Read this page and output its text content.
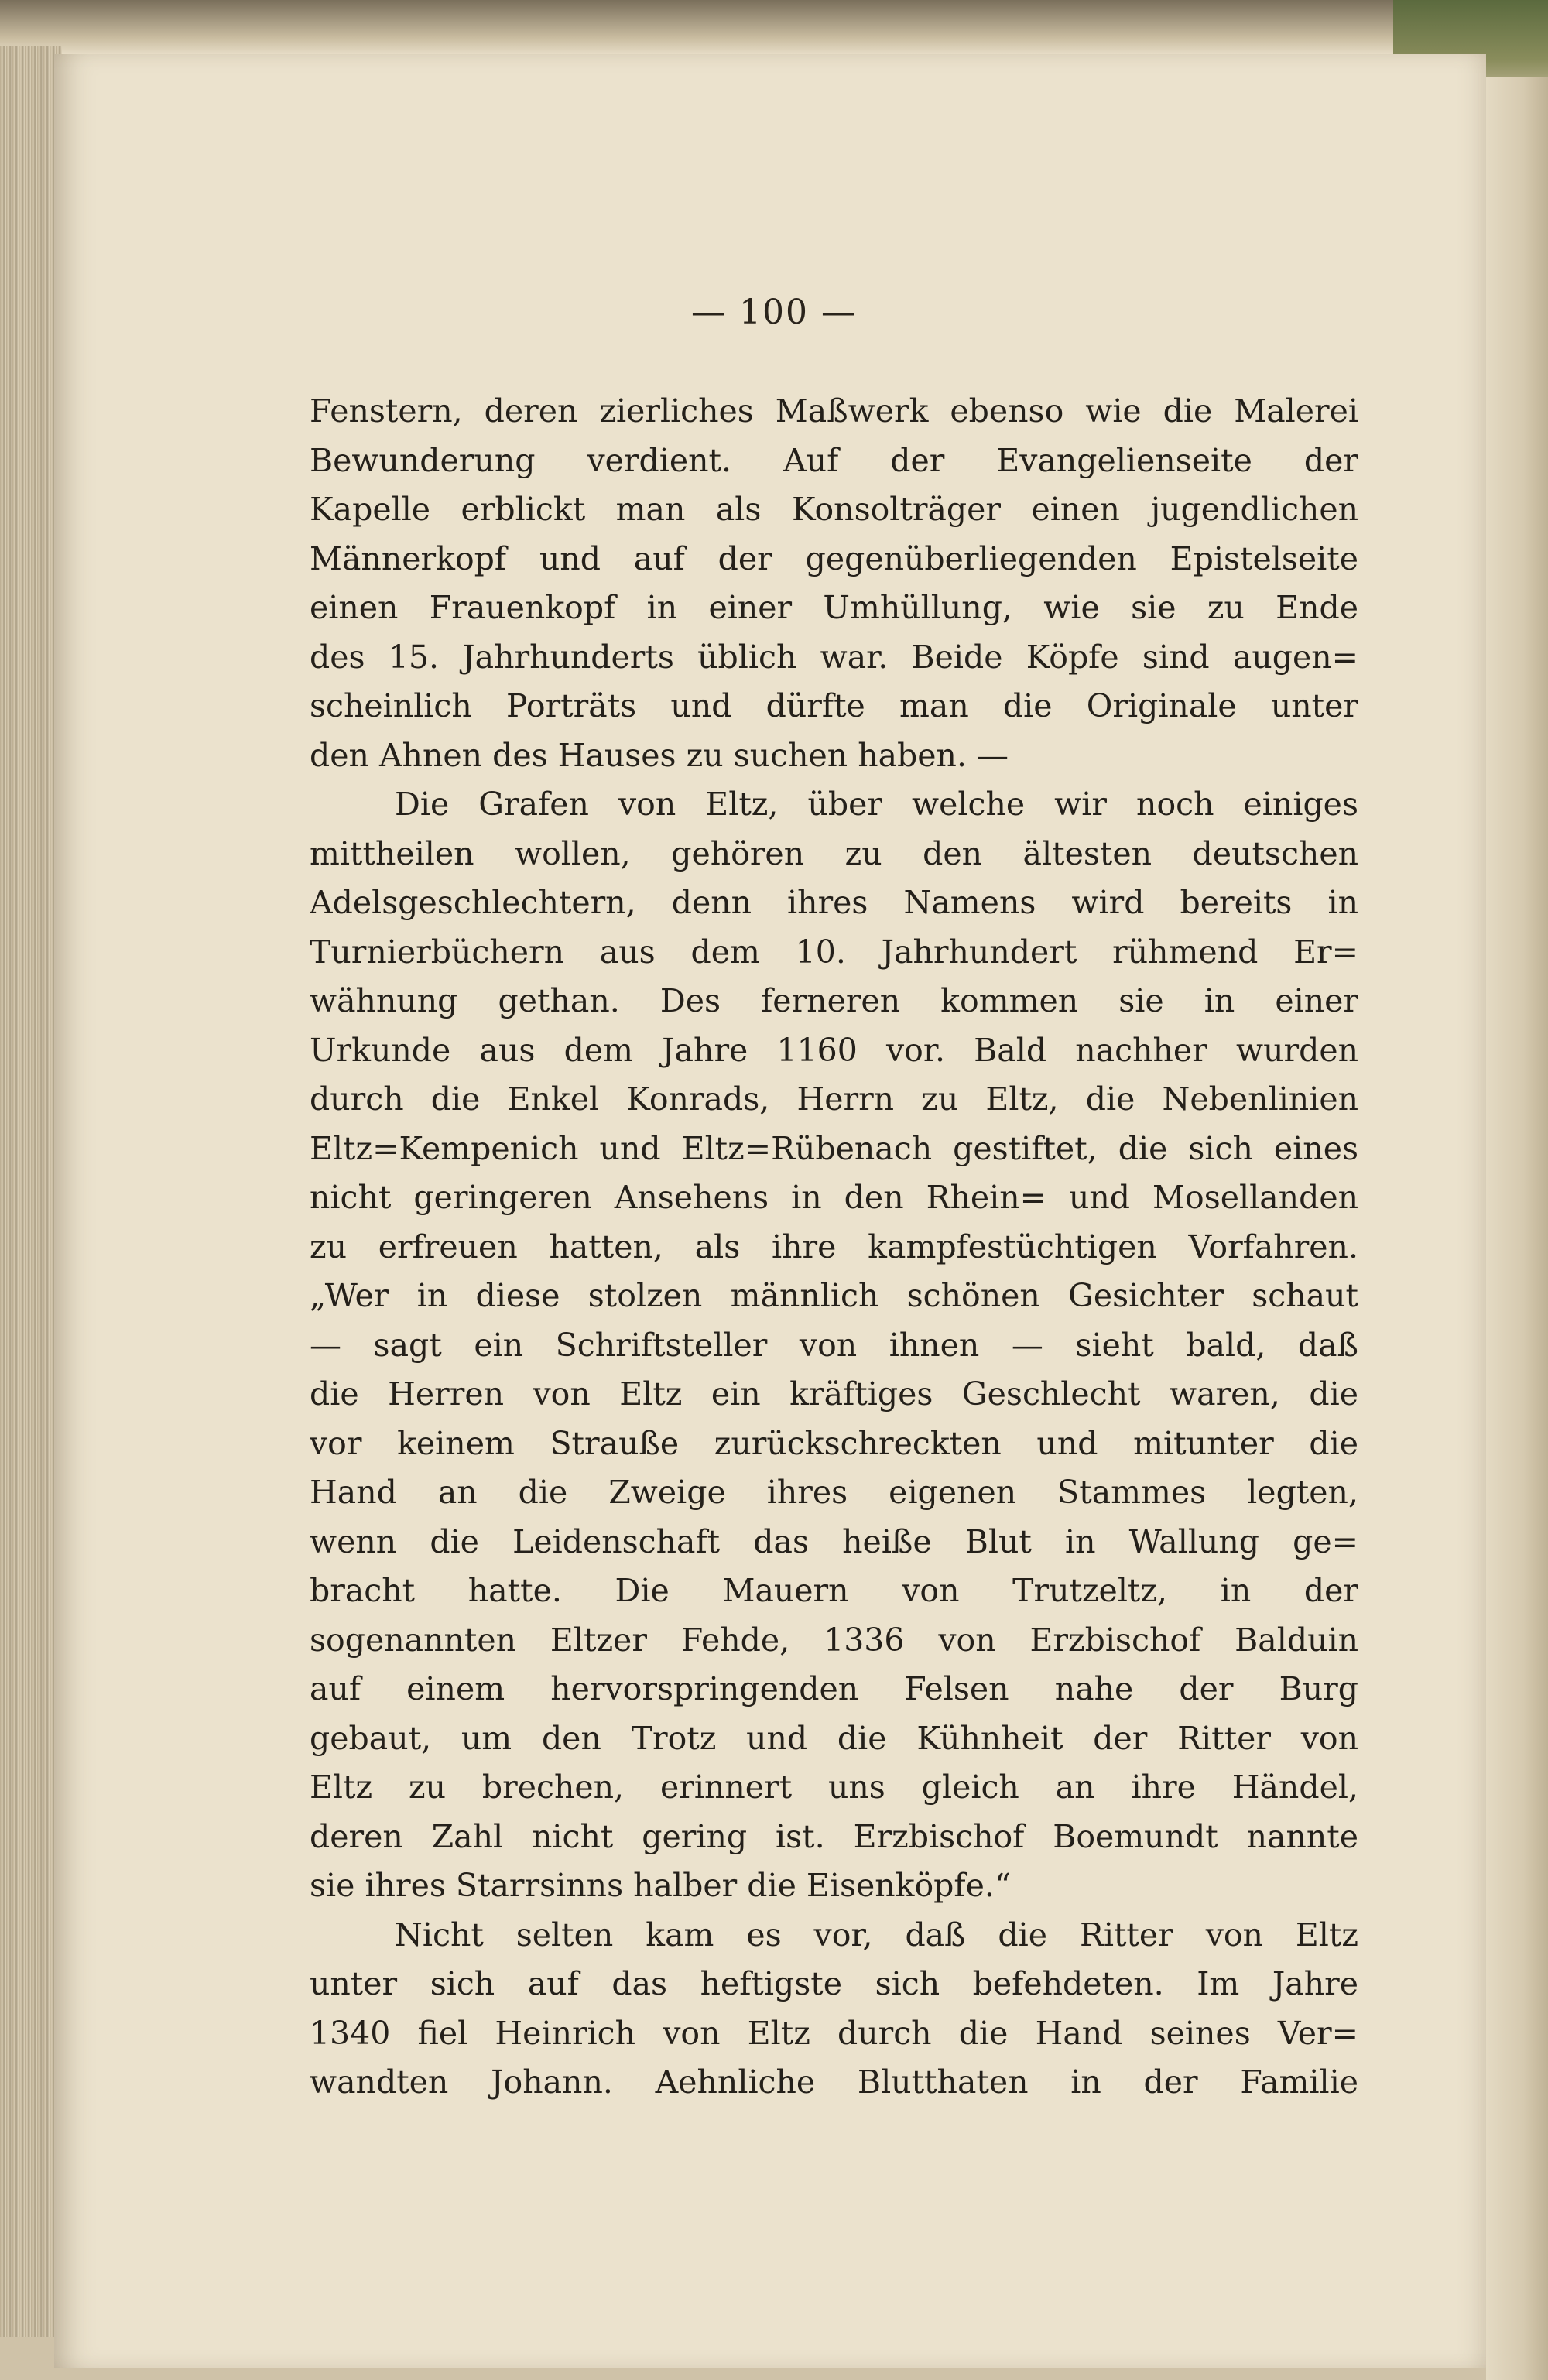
— 100 —
Fenstern, deren zierliches Maßwerk ebenso wie die Malerei
Bewunderung verdient. Auf der Evangelienseite der
Kapelle erblickt man als Konsolträger einen jugendlichen
Männerkopf und auf der gegenüberliegenden Epistelseite
einen Frauenkopf in einer Umhüllung, wie sie zu Ende
des 15. Jahrhunderts üblich war. Beide Köpfe sind augen=
scheinlich Porträts und dürfte man die Originale unter
den Ahnen des Hauses zu suchen haben. —
Die Grafen von Eltz, über welche wir noch einiges
mittheilen wollen, gehören zu den ältesten deutschen
Adelsgeschlechtern, denn ihres Namens wird bereits in
Turnierbüchern aus dem 10. Jahrhundert rühmend Er=
wähnung gethan. Des ferneren kommen sie in einer
Urkunde aus dem Jahre 1160 vor. Bald nachher wurden
durch die Enkel Konrads, Herrn zu Eltz, die Nebenlinien
Eltz=Kempenich und Eltz=Rübenach gestiftet, die sich eines
nicht geringeren Ansehens in den Rhein= und Mosellanden
zu erfreuen hatten, als ihre kampfestüchtigen Vorfahren.
„Wer in diese stolzen männlich schönen Gesichter schaut
— sagt ein Schriftsteller von ihnen — sieht bald, daß
die Herren von Eltz ein kräftiges Geschlecht waren, die
vor keinem Strauße zurückschreckten und mitunter die
Hand an die Zweige ihres eigenen Stammes legten,
wenn die Leidenschaft das heiße Blut in Wallung ge=
bracht hatte. Die Mauern von Trutzeltz, in der
sogenannten Eltzer Fehde, 1336 von Erzbischof Balduin
auf einem hervorspringenden Felsen nahe der Burg
gebaut, um den Trotz und die Kühnheit der Ritter von
Eltz zu brechen, erinnert uns gleich an ihre Händel,
deren Zahl nicht gering ist. Erzbischof Boemundt nannte
sie ihres Starrsinns halber die Eisenköpfe.“
Nicht selten kam es vor, daß die Ritter von Eltz
unter sich auf das heftigste sich befehdeten. Im Jahre
1340 fiel Heinrich von Eltz durch die Hand seines Ver=
wandten Johann. Aehnliche Blutthaten in der Familie
